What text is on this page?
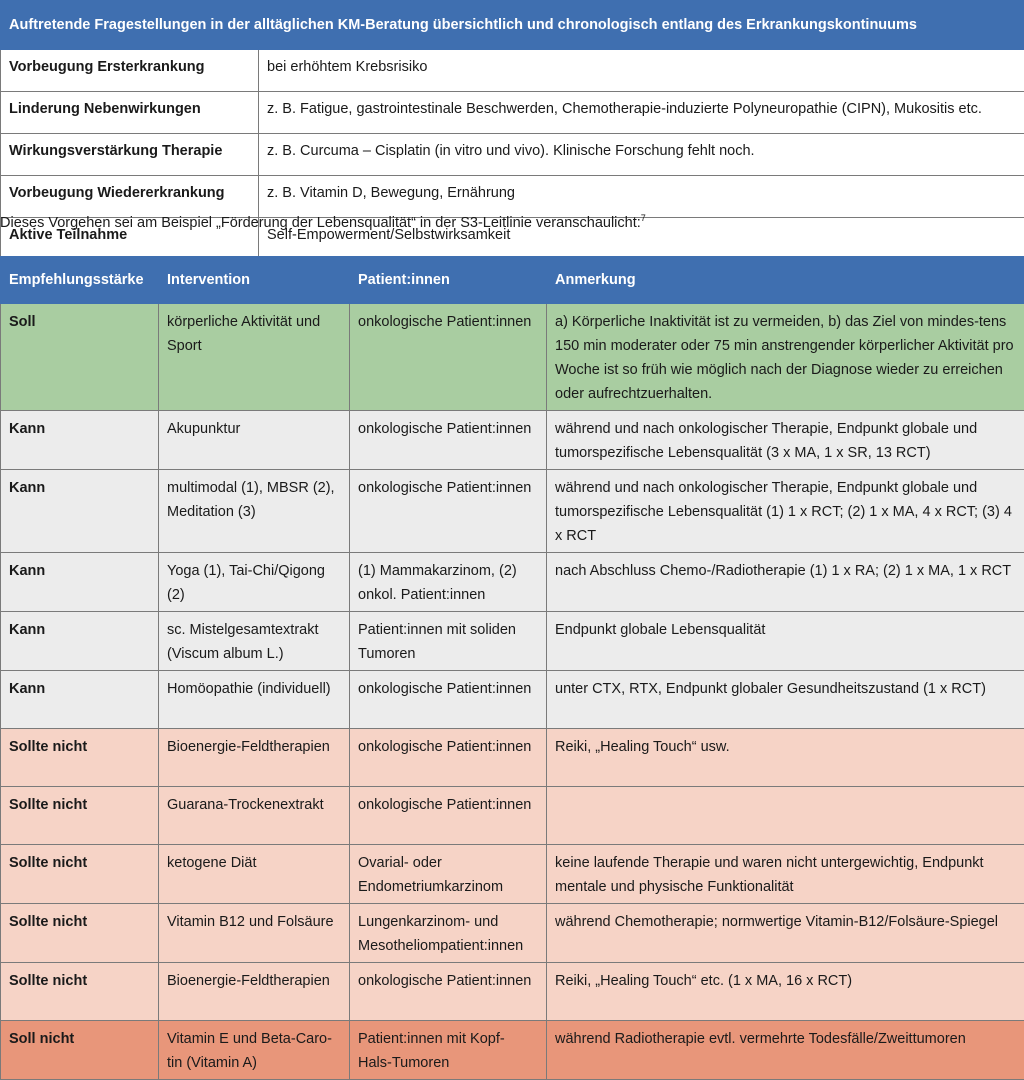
Auftretende Fragestellungen in der alltäglichen KM-Beratung übersichtlich und chronologisch entlang des Erkrankungskontinuums	
Vorbeugung Ersterkrankung	bei erhöhtem Krebsrisiko
Linderung Nebenwirkungen	z. B. Fatigue, gastrointestinale Beschwerden, Chemotherapie-induzierte Polyneuropathie (CIPN), Mukositis etc.
Wirkungsverstärkung Therapie	z. B. Curcuma – Cisplatin (in vitro und vivo). Klinische Forschung fehlt noch.
Vorbeugung Wiedererkrankung	z. B. Vitamin D, Bewegung, Ernährung
Aktive Teilnahme	Self-Empowerment/Selbstwirksamkeit
Dieses Vorgehen sei am Beispiel „Förderung der Lebensqualität“ in der S3-Leitlinie veranschaulicht:$^7$
Empfehlungsstärke	Intervention	Patient:innen	Anmerkung
Soll	körperliche Aktivität und Sport	onkologische Patient:innen	a) Körperliche Inaktivität ist zu vermeiden, b) das Ziel von mindes-tens 150 min moderater oder 75 min anstrengender körperlicher Aktivität pro Woche ist so früh wie möglich nach der Diagnose wieder zu erreichen oder aufrechtzuerhalten.
Kann	Akupunktur	onkologische Patient:innen	während und nach onkologischer Therapie, Endpunkt globale und tumorspezifische Lebensqualität (3 x MA, 1 x SR, 13 RCT)
Kann	multimodal (1), MBSR (2), Meditation (3)	onkologische Patient:innen	während und nach onkologischer Therapie, Endpunkt globale und tumorspezifische Lebensqualität (1) 1 x RCT; (2) 1 x MA, 4 x RCT; (3) 4 x RCT
Kann	Yoga (1), Tai-Chi/Qigong (2)	(1) Mammakarzinom, (2) onkol. Patient:innen	nach Abschluss Chemo-/Radiotherapie (1) 1 x RA; (2) 1 x MA, 1 x RCT
Kann	sc. Mistelgesamtextrakt (Viscum album L.)	Patient:innen mit soliden Tumoren	Endpunkt globale Lebensqualität
Kann	Homöopathie (individuell)	onkologische Patient:innen	unter CTX, RTX, Endpunkt globaler Gesundheitszustand (1 x RCT)
Sollte nicht	Bioenergie-Feldtherapien	onkologische Patient:innen	Reiki, „Healing Touch“ usw.
Sollte nicht	Guarana-Trockenextrakt	onkologische Patient:innen	
Sollte nicht	ketogene Diät	Ovarial- oder Endometriumkarzinom	keine laufende Therapie und waren nicht untergewichtig, Endpunkt mentale und physische Funktionalität
Sollte nicht	Vitamin B12 und Folsäure	Lungenkarzinom- und Mesotheliompatient:innen	während Chemotherapie; normwertige Vitamin-B12/Folsäure-Spiegel
Sollte nicht	Bioenergie-Feldtherapien	onkologische Patient:innen	Reiki, „Healing Touch“ etc. (1 x MA, 16 x RCT)
Soll nicht	Vitamin E und Beta-Caro-tin (Vitamin A)	Patient:innen mit Kopf-Hals-Tumoren	während Radiotherapie evtl. vermehrte Todesfälle/Zweittumoren
